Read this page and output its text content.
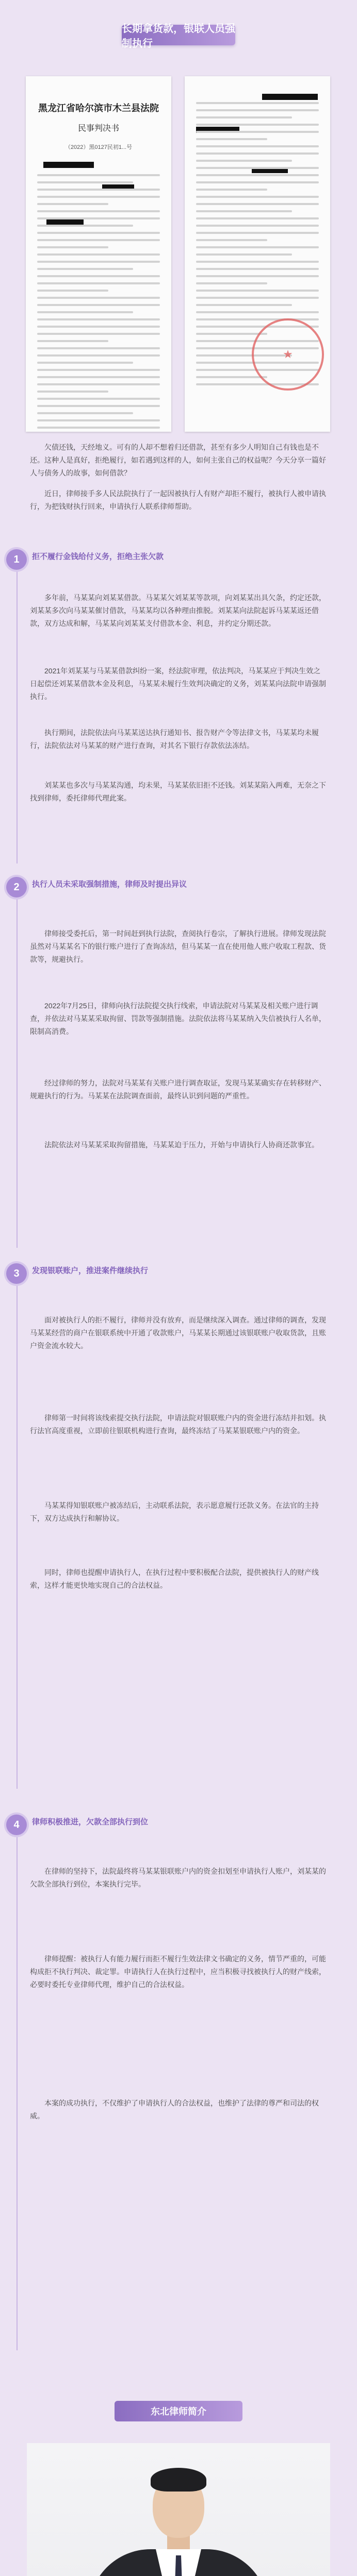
长期拿货款，银联人员强制执行
黑龙江省哈尔滨市木兰县法院
民事判决书
（2022）黑0127民初1...号
★

欠债还钱，天经地义。可有的人却不想着归还借款，甚至有多少人明知自己有钱也是不还。这种人是真好，拒绝履行，如若遇到这样的人，如何主张自己的权益呢？今天分享一篇好人与债务人的故事，如何借款？

近日，律师接手多人民法院执行了一起因被执行人有财产却拒不履行，被执行人被申请执行，为把钱财执行回来，申请执行人联系律师帮助。

1	拒不履行金钱给付义务，拒绝主张欠款

多年前，马某某向刘某某借款。马某某欠刘某某等款项，向刘某某出具欠条，约定还款，刘某某多次向马某某催讨借款，马某某均以各种理由推脱。刘某某向法院起诉马某某返还借款，双方达成和解，马某某向刘某某支付借款本金、利息，并约定分期还款。

2021年刘某某与马某某借款纠纷一案，经法院审理，依法判决，马某某应于判决生效之日起偿还刘某某借款本金及利息，马某某未履行生效判决确定的义务，刘某某向法院申请强制执行。

执行期间，法院依法向马某某送达执行通知书、报告财产令等法律文书，马某某均未履行，法院依法对马某某的财产进行查询，对其名下银行存款依法冻结。

刘某某也多次与马某某沟通，均未果，马某某依旧拒不还钱。刘某某陷入两难，无奈之下找到律师，委托律师代理此案。

2	执行人员未采取强制措施，律师及时提出异议

律师接受委托后，第一时间赶到执行法院，查阅执行卷宗，了解执行进展。律师发现法院虽然对马某某名下的银行账户进行了查询冻结，但马某某一直在使用他人账户收取工程款、货款等，规避执行。

2022年7月25日，律师向执行法院提交执行线索，申请法院对马某某及相关账户进行调查，并依法对马某某采取拘留、罚款等强制措施。法院依法将马某某纳入失信被执行人名单，限制高消费。

经过律师的努力，法院对马某某有关账户进行调查取证，发现马某某确实存在转移财产、规避执行的行为。马某某在法院调查面前，最终认识到问题的严重性。

法院依法对马某某采取拘留措施，马某某迫于压力，开始与申请执行人协商还款事宜。

3	发现银联账户，推进案件继续执行

面对被执行人的拒不履行，律师并没有放弃，而是继续深入调查。通过律师的调查，发现马某某经营的商户在银联系统中开通了收款账户，马某某长期通过该银联账户收取货款，且账户资金流水较大。

律师第一时间将该线索提交执行法院，申请法院对银联账户内的资金进行冻结并扣划。执行法官高度重视，立即前往银联机构进行查询，最终冻结了马某某银联账户内的资金。

马某某得知银联账户被冻结后，主动联系法院，表示愿意履行还款义务。在法官的主持下，双方达成执行和解协议。

同时，律师也提醒申请执行人，在执行过程中要积极配合法院，提供被执行人的财产线索，这样才能更快地实现自己的合法权益。

4	律师积极推进，欠款全部执行到位

在律师的坚持下，法院最终将马某某银联账户内的资金扣划至申请执行人账户，刘某某的欠款全部执行到位，本案执行完毕。

律师提醒：被执行人有能力履行而拒不履行生效法律文书确定的义务，情节严重的，可能构成拒不执行判决、裁定罪。申请执行人在执行过程中，应当积极寻找被执行人的财产线索，必要时委托专业律师代理，维护自己的合法权益。

本案的成功执行，不仅维护了申请执行人的合法权益，也维护了法律的尊严和司法的权威。

东北律师简介
